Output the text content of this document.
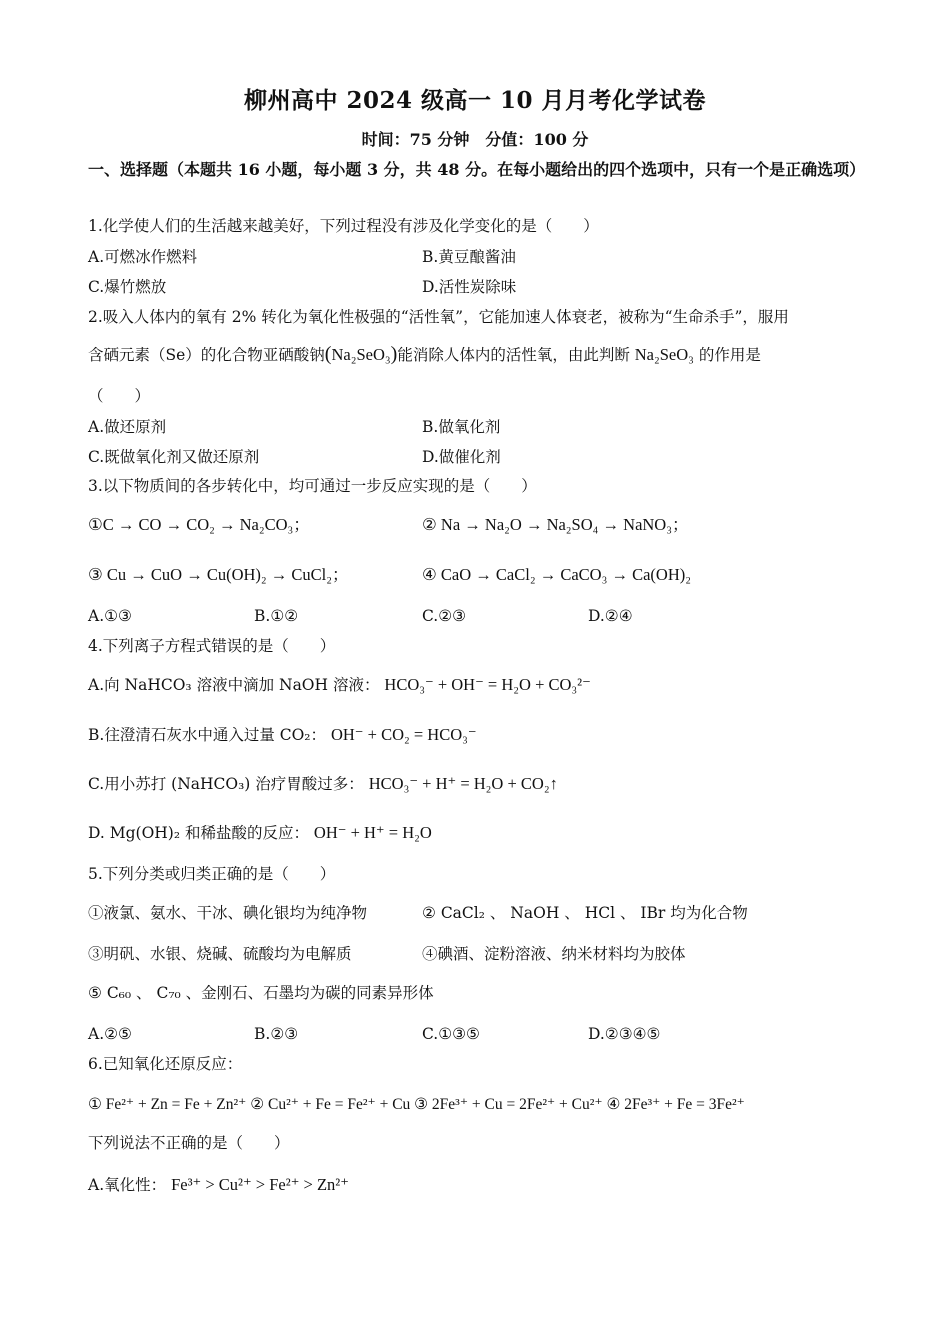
柳州高中 2024 级高一 10 月月考化学试卷
时间：75 分钟　分值：100 分
一、选择题（本题共 16 小题，每小题 3 分，共 48 分。在每小题给出的四个选项中，只有一个是正确选项）
1.化学使人们的生活越来越美好，下列过程没有涉及化学变化的是（　　）
A.可燃冰作燃料	B.黄豆酿酱油
C.爆竹燃放	D.活性炭除味
2.吸入人体内的氧有 2% 转化为氧化性极强的“活性氧”，它能加速人体衰老，被称为“生命杀手”，服用
含硒元素（Se）的化合物亚硒酸钠(Na₂SeO₃)能消除人体内的活性氧，由此判断 Na₂SeO₃ 的作用是
（　　）
A.做还原剂	B.做氧化剂
C.既做氧化剂又做还原剂	D.做催化剂
3.以下物质间的各步转化中，均可通过一步反应实现的是（　　）
①C → CO → CO₂ → Na₂CO₃；	② Na → Na₂O → Na₂SO₄ → NaNO₃；
③ Cu → CuO → Cu(OH)₂ → CuCl₂；	④ CaO → CaCl₂ → CaCO₃ → Ca(OH)₂
A.①③	B.①②	C.②③	D.②④
4.下列离子方程式错误的是（　　）
A.向 NaHCO₃ 溶液中滴加 NaOH 溶液： HCO₃⁻ + OH⁻ = H₂O + CO₃²⁻
B.往澄清石灰水中通入过量 CO₂： OH⁻ + CO₂ = HCO₃⁻
C.用小苏打 (NaHCO₃) 治疗胃酸过多： HCO₃⁻ + H⁺ = H₂O + CO₂↑
D. Mg(OH)₂ 和稀盐酸的反应： OH⁻ + H⁺ = H₂O
5.下列分类或归类正确的是（　　）
①液氯、氨水、干冰、碘化银均为纯净物	② CaCl₂ 、 NaOH 、 HCl 、 IBr 均为化合物
③明矾、水银、烧碱、硫酸均为电解质	④碘酒、淀粉溶液、纳米材料均为胶体
⑤ C₆₀ 、 C₇₀ 、金刚石、石墨均为碳的同素异形体
A.②⑤	B.②③	C.①③⑤	D.②③④⑤
6.已知氧化还原反应：
① Fe²⁺ + Zn = Fe + Zn²⁺ ② Cu²⁺ + Fe = Fe²⁺ + Cu ③ 2Fe³⁺ + Cu = 2Fe²⁺ + Cu²⁺ ④ 2Fe³⁺ + Fe = 3Fe²⁺
下列说法不正确的是（　　）
A.氧化性： Fe³⁺ > Cu²⁺ > Fe²⁺ > Zn²⁺
